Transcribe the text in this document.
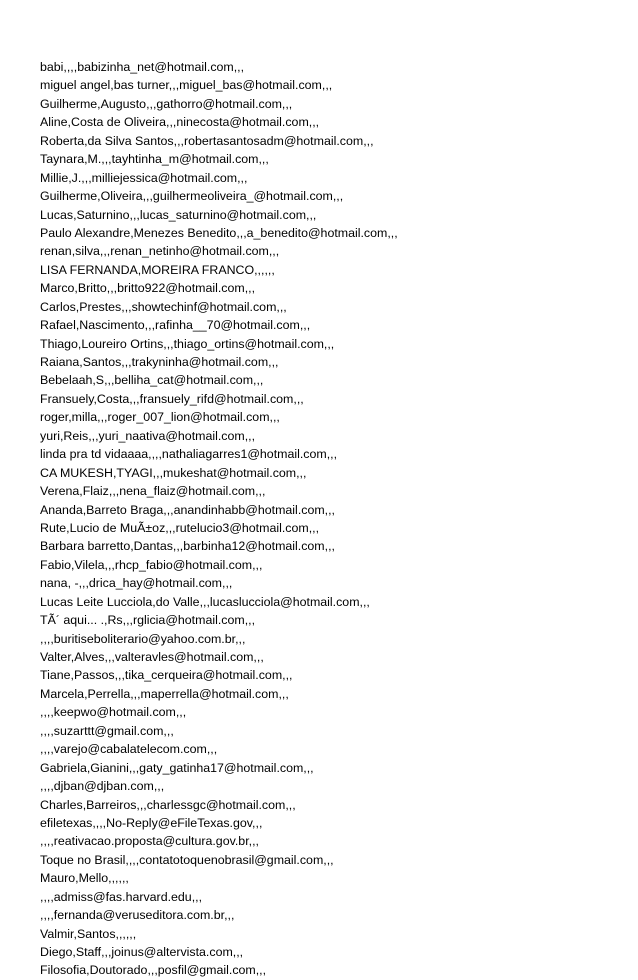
babi,,,,babizinha_net@hotmail.com,,,
miguel angel,bas turner,,,miguel_bas@hotmail.com,,,
Guilherme,Augusto,,,gathorro@hotmail.com,,,
Aline,Costa de Oliveira,,,ninecosta@hotmail.com,,,
Roberta,da Silva Santos,,,robertasantosadm@hotmail.com,,,
Taynara,M.,,,tayhtinha_m@hotmail.com,,,
Millie,J.,,,milliejessica@hotmail.com,,,
Guilherme,Oliveira,,,guilhermeoliveira_@hotmail.com,,,
Lucas,Saturnino,,,lucas_saturnino@hotmail.com,,,
Paulo Alexandre,Menezes Benedito,,,a_benedito@hotmail.com,,,
renan,silva,,,renan_netinho@hotmail.com,,,
LISA FERNANDA,MOREIRA FRANCO,,,,,,
Marco,Britto,,,britto922@hotmail.com,,,
Carlos,Prestes,,,showtechinf@hotmail.com,,,
Rafael,Nascimento,,,rafinha__70@hotmail.com,,,
Thiago,Loureiro Ortins,,,thiago_ortins@hotmail.com,,,
Raiana,Santos,,,trakyninha@hotmail.com,,,
Bebelaah,S,,,belliha_cat@hotmail.com,,,
Fransuely,Costa,,,fransuely_rifd@hotmail.com,,,
roger,milla,,,roger_007_lion@hotmail.com,,,
yuri,Reis,,,yuri_naativa@hotmail.com,,,
linda pra td vidaaaa,,,,nathaliagarres1@hotmail.com,,,
CA MUKESH,TYAGI,,,mukeshat@hotmail.com,,,
Verena,Flaiz,,,nena_flaiz@hotmail.com,,,
Ananda,Barreto Braga,,,anandinhabb@hotmail.com,,,
Rute,Lucio de MuÃ±oz,,,rutelucio3@hotmail.com,,,
Barbara barretto,Dantas,,,barbinha12@hotmail.com,,,
Fabio,Vilela,,,rhcp_fabio@hotmail.com,,,
nana, -,,,drica_hay@hotmail.com,,,
Lucas Leite Lucciola,do Valle,,,lucaslucciola@hotmail.com,,,
TÃ´ aqui... .,Rs,,,rglicia@hotmail.com,,,
,,,,buritiseboliterario@yahoo.com.br,,,
Valter,Alves,,,valteravles@hotmail.com,,,
Tiane,Passos,,,tika_cerqueira@hotmail.com,,,
Marcela,Perrella,,,maperrella@hotmail.com,,,
,,,,keepwo@hotmail.com,,,
,,,,suzarttt@gmail.com,,,
,,,,varejo@cabalatelecom.com,,,
Gabriela,Gianini,,,gaty_gatinha17@hotmail.com,,,
,,,,djban@djban.com,,,
Charles,Barreiros,,,charlessgc@hotmail.com,,,
efiletexas,,,,No-Reply@eFileTexas.gov,,,
,,,,reativacao.proposta@cultura.gov.br,,,
Toque no Brasil,,,,contatotoquenobrasil@gmail.com,,,
Mauro,Mello,,,,,,
,,,,admiss@fas.harvard.edu,,,
,,,,fernanda@veruseditora.com.br,,,
Valmir,Santos,,,,,,
Diego,Staff,,,joinus@altervista.com,,,
Filosofia,Doutorado,,,posfil@gmail.com,,,
